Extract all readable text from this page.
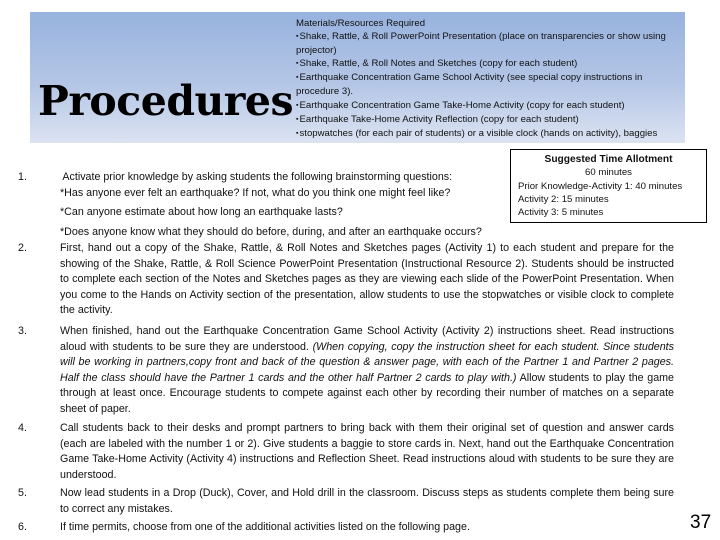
Procedures
Materials/Resources Required
▪ Shake, Rattle, & Roll PowerPoint Presentation (place on transparencies or show using projector)
▪ Shake, Rattle, & Roll Notes and Sketches (copy for each student)
▪ Earthquake Concentration Game School Activity (see special copy instructions in procedure 3).
▪ Earthquake Concentration Game Take-Home Activity (copy for each student)
▪ Earthquake Take-Home Activity Reflection (copy for each student)
▪ stopwatches (for each pair of students) or a visible clock (hands on activity), baggies
Suggested Time Allotment
60 minutes
Prior Knowledge-Activity 1: 40 minutes
Activity 2: 15 minutes
Activity 3: 5 minutes
1.	Activate prior knowledge by asking students the following brainstorming questions:
*Has anyone ever felt an earthquake? If not, what do you think one might feel like?
*Can anyone estimate about how long an earthquake lasts?
*Does anyone know what they should do before, during, and after an earthquake occurs?
2.	First, hand out a copy of the Shake, Rattle, & Roll Notes and Sketches pages (Activity 1) to each student and prepare for the showing of the Shake, Rattle, & Roll Science PowerPoint Presentation (Instructional Resource 2). Students should be instructed to complete each section of the Notes and Sketches pages as they are viewing each slide of the PowerPoint Presentation. When you come to the Hands on Activity section of the presentation, allow students to use the stopwatches or visible clock to complete the activity.
3.	When finished, hand out the Earthquake Concentration Game School Activity (Activity 2) instructions sheet. Read instructions aloud with students to be sure they are understood. (When copying, copy the instruction sheet for each student. Since students will be working in partners,copy front and back of the question & answer page, with each of the Partner 1 and Partner 2 pages. Half the class should have the Partner 1 cards and the other half Partner 2 cards to play with.) Allow students to play the game through at least once. Encourage students to compete against each other by recording their number of matches on a separate sheet of paper.
4.	Call students back to their desks and prompt partners to bring back with them their original set of question and answer cards (each are labeled with the number 1 or 2). Give students a baggie to store cards in. Next, hand out the Earthquake Concentration Game Take-Home Activity (Activity 4) instructions and Reflection Sheet. Read instructions aloud with students to be sure they are understood.
5.	Now lead students in a Drop (Duck), Cover, and Hold drill in the classroom. Discuss steps as students complete them being sure to correct any mistakes.
6.	If time permits, choose from one of the additional activities listed on the following page.	37
